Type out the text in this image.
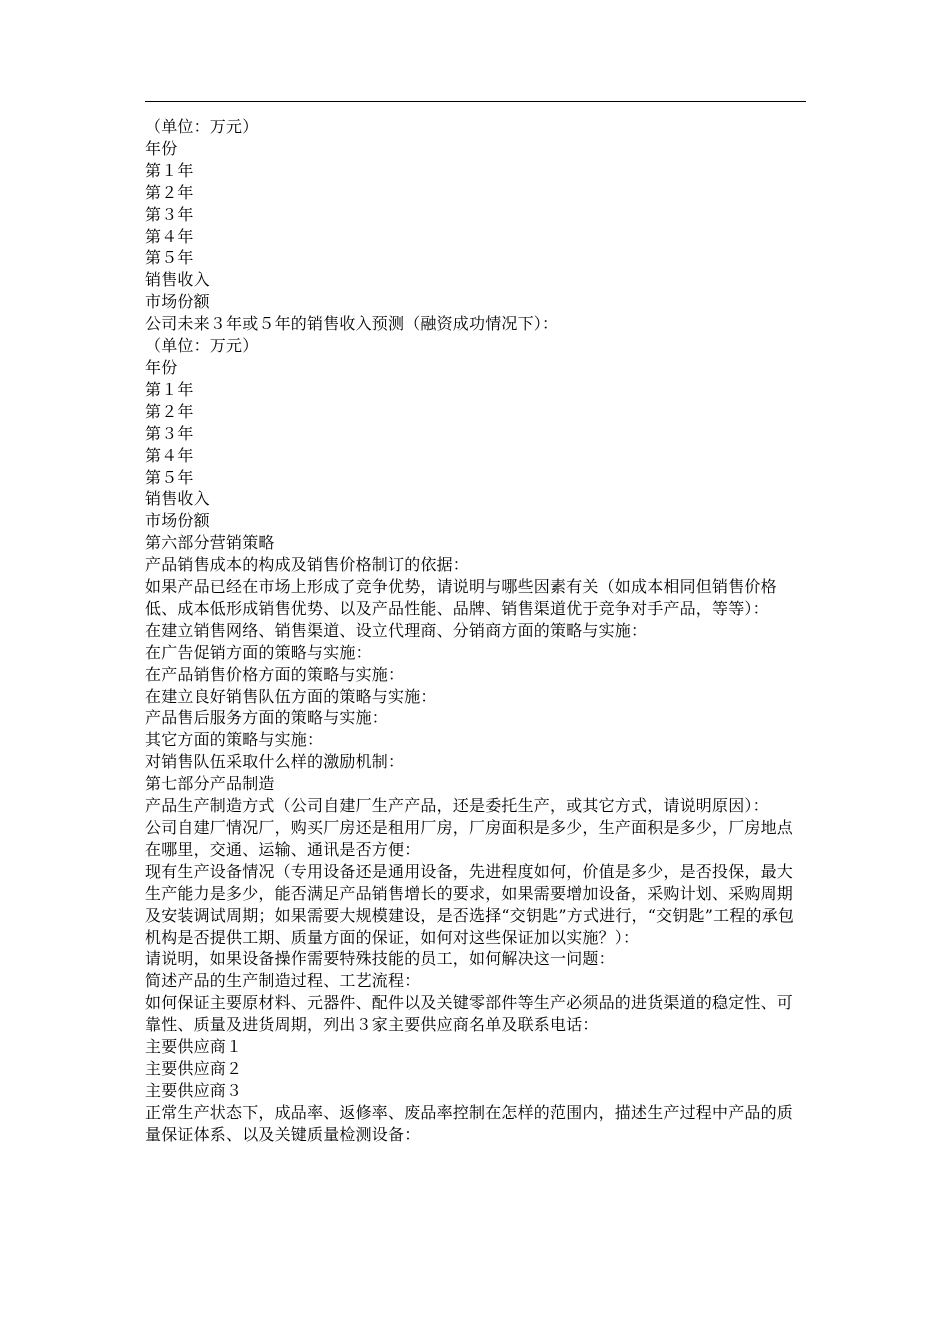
（单位：万元）

年份

第１年

第２年

第３年

第４年

第５年

销售收入

市场份额

公司未来３年或５年的销售收入预测（融资成功情况下）：

（单位：万元）

年份

第１年

第２年

第３年

第４年

第５年

销售收入

市场份额

第六部分营销策略

产品销售成本的构成及销售价格制订的依据：

如果产品已经在市场上形成了竞争优势，请说明与哪些因素有关（如成本相同但销售价格低、成本低形成销售优势、以及产品性能、品牌、销售渠道优于竞争对手产品，等等）：

在建立销售网络、销售渠道、设立代理商、分销商方面的策略与实施：

在广告促销方面的策略与实施：

在产品销售价格方面的策略与实施：

在建立良好销售队伍方面的策略与实施：

产品售后服务方面的策略与实施：

其它方面的策略与实施：

对销售队伍采取什么样的激励机制：

第七部分产品制造

产品生产制造方式（公司自建厂生产产品，还是委托生产，或其它方式，请说明原因）：

公司自建厂情况厂，购买厂房还是租用厂房，厂房面积是多少，生产面积是多少，厂房地点在哪里，交通、运输、通讯是否方便：

现有生产设备情况（专用设备还是通用设备，先进程度如何，价值是多少，是否投保，最大生产能力是多少，能否满足产品销售增长的要求，如果需要增加设备，采购计划、采购周期及安装调试周期；如果需要大规模建设，是否选择“交钥匙”方式进行，“交钥匙”工程的承包机构是否提供工期、质量方面的保证，如何对这些保证加以实施？）：

请说明，如果设备操作需要特殊技能的员工，如何解决这一问题：

简述产品的生产制造过程、工艺流程：

如何保证主要原材料、元器件、配件以及关键零部件等生产必须品的进货渠道的稳定性、可靠性、质量及进货周期，列出３家主要供应商名单及联系电话：

主要供应商１

主要供应商２

主要供应商３

正常生产状态下，成品率、返修率、废品率控制在怎样的范围内，描述生产过程中产品的质量保证体系、以及关键质量检测设备：
